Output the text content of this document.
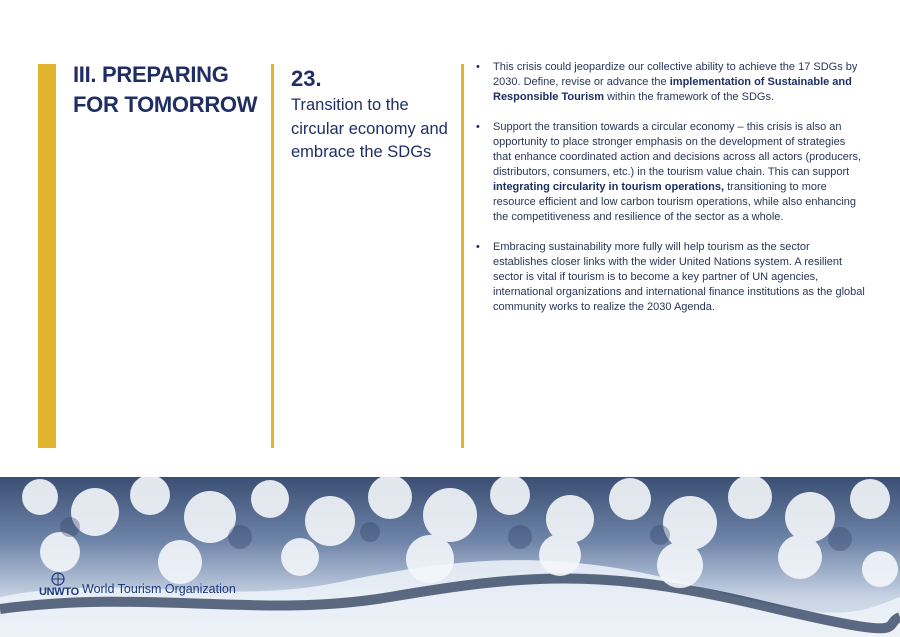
III. PREPARING
FOR TOMORROW
23.
Transition to the circular economy and embrace the SDGs
• This crisis could jeopardize our collective ability to achieve the 17 SDGs by 2030. Define, revise or advance the implementation of Sustainable and Responsible Tourism within the framework of the SDGs.
• Support the transition towards a circular economy – this crisis is also an opportunity to place stronger emphasis on the development of strategies that enhance coordinated action and decisions across all actors (producers, distributors, consumers, etc.) in the tourism value chain. This can support integrating circularity in tourism operations, transitioning to more resource efficient and low carbon tourism operations, while also enhancing the competitiveness and resilience of the sector as a whole.
• Embracing sustainability more fully will help tourism as the sector establishes closer links with the wider United Nations system. A resilient sector is vital if tourism is to become a key partner of UN agencies, international organizations and international finance institutions as the global community works to realize the 2030 Agenda.
UNWTO World Tourism Organization
